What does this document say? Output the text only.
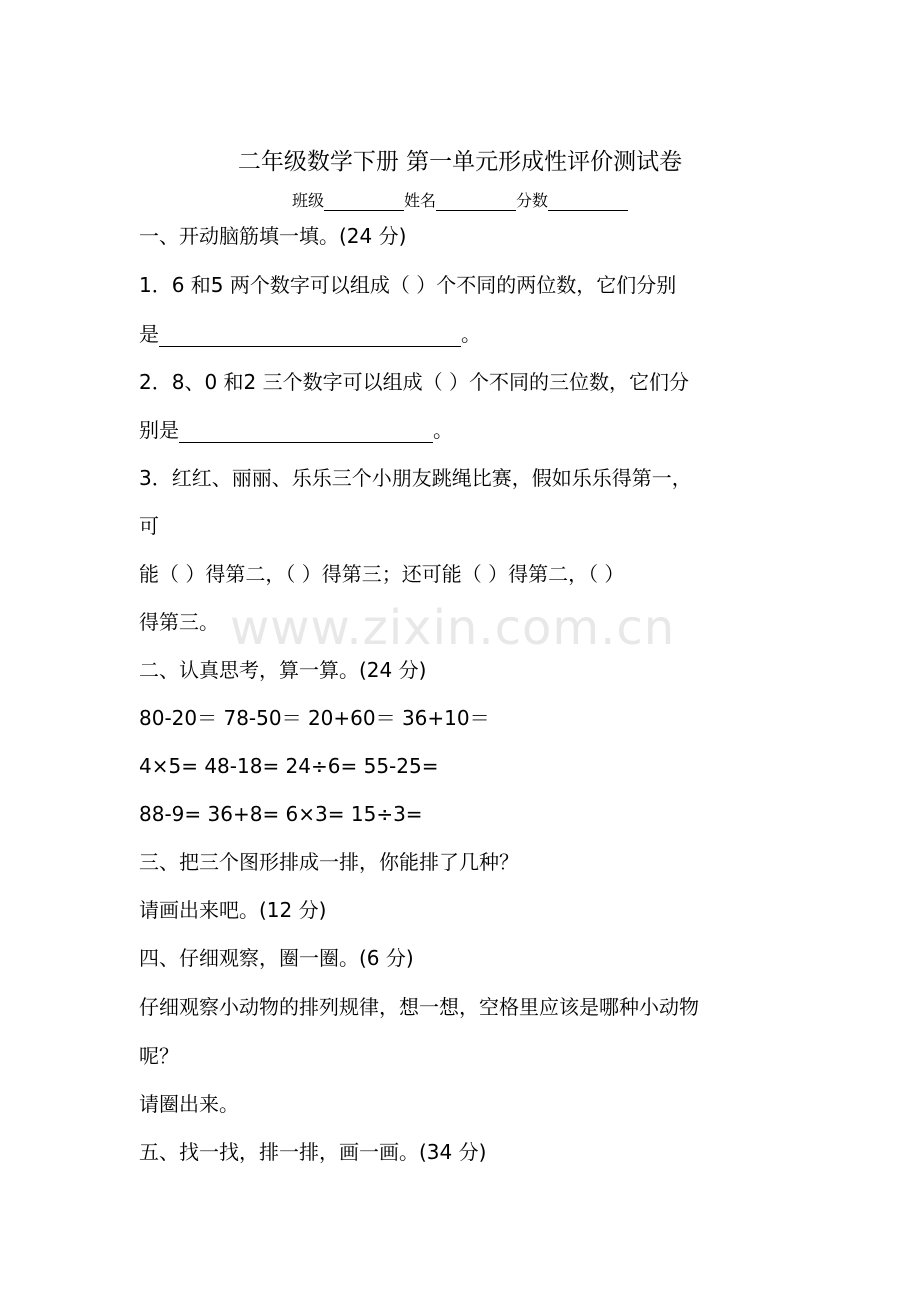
www.zixin.com.cn
二年级数学下册 第一单元形成性评价测试卷
班级	姓名	分数
一、开动脑筋填一填。(24 分)
1．6 和5 两个数字可以组成（ ）个不同的两位数，它们分别
是	。
2．8、0 和2 三个数字可以组成（ ）个不同的三位数，它们分
别是	。
3．红红、丽丽、乐乐三个小朋友跳绳比赛，假如乐乐得第一，
可
能（ ）得第二，（ ）得第三；还可能（ ）得第二，（ ）
得第三。
二、认真思考，算一算。(24 分)
80-20＝ 78-50＝ 20+60＝ 36+10＝
4×5= 48-18= 24÷6= 55-25=
88-9= 36+8= 6×3= 15÷3=
三、把三个图形排成一排，你能排了几种？
请画出来吧。(12 分)
四、仔细观察，圈一圈。(6 分)
仔细观察小动物的排列规律，想一想，空格里应该是哪种小动物
呢？
请圈出来。
五、找一找，排一排，画一画。(34 分)
